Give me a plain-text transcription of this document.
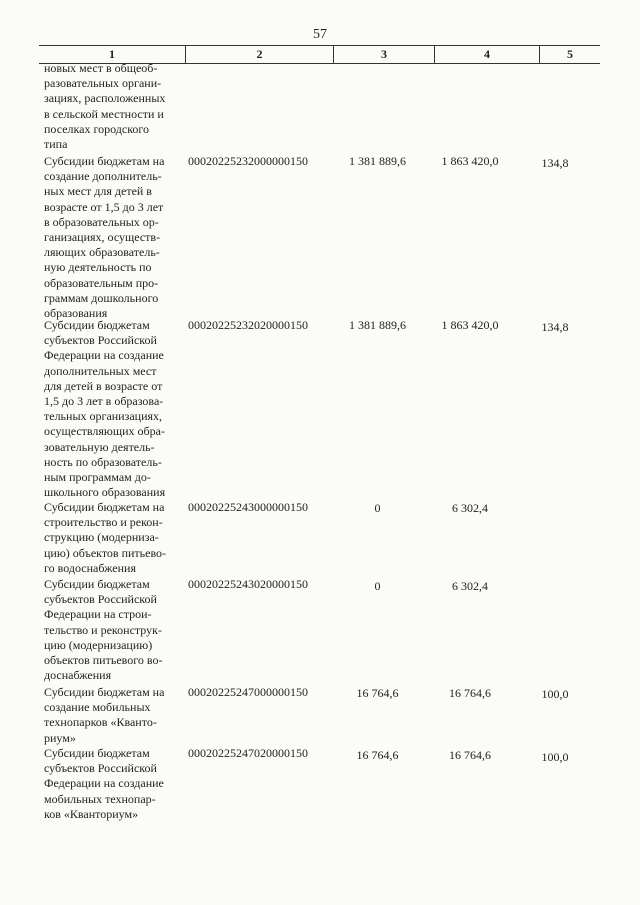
57
1	2	3	4	5
новых мест в общеоб-
разовательных органи-
зациях, расположенных
в сельской местности и
поселках городского
типа
Субсидии бюджетам на
создание дополнитель-
ных мест для детей в
возрасте от 1,5 до 3 лет
в образовательных ор-
ганизациях, осуществ-
ляющих образователь-
ную деятельность по
образовательным про-
граммам дошкольного
образования
00020225232000000150	1 381 889,6	1 863 420,0	134,8
Субсидии бюджетам
субъектов Российской
Федерации на создание
дополнительных мест
для детей в возрасте от
1,5 до 3 лет в образова-
тельных организациях,
осуществляющих обра-
зовательную деятель-
ность по образователь-
ным программам до-
школьного образования
00020225232020000150	1 381 889,6	1 863 420,0	134,8
Субсидии бюджетам на
строительство и рекон-
струкцию (модерниза-
цию) объектов питьево-
го водоснабжения
00020225243000000150	0	6 302,4
Субсидии бюджетам
субъектов Российской
Федерации на строи-
тельство и реконструк-
цию (модернизацию)
объектов питьевого во-
доснабжения
00020225243020000150	0	6 302,4
Субсидии бюджетам на
создание мобильных
технопарков «Кванто-
риум»
00020225247000000150	16 764,6	16 764,6	100,0
Субсидии бюджетам
субъектов Российской
Федерации на создание
мобильных технопар-
ков «Кванториум»
00020225247020000150	16 764,6	16 764,6	100,0
